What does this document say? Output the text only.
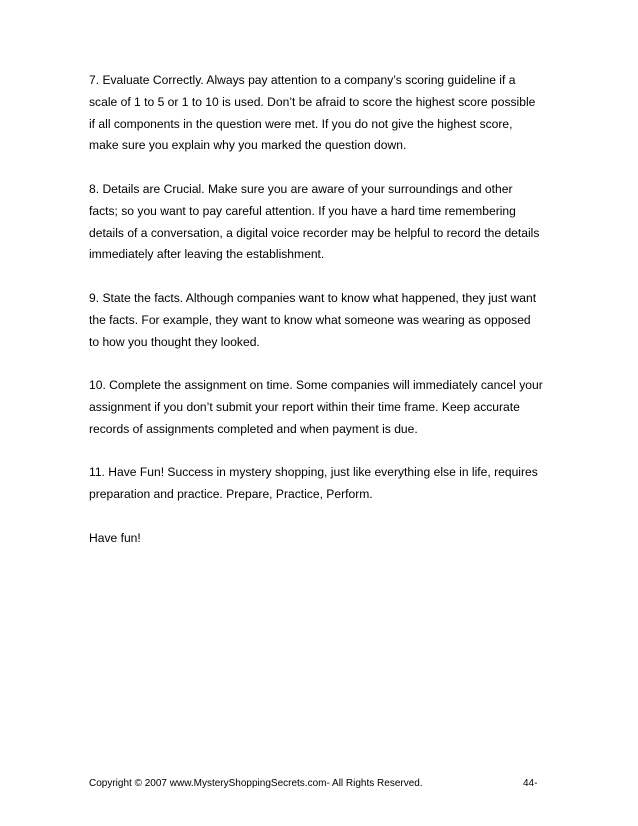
7. Evaluate Correctly. Always pay attention to a company’s scoring guideline if a
scale of 1 to 5 or 1 to 10 is used. Don’t be afraid to score the highest score possible
if all components in the question were met. If you do not give the highest score,
make sure you explain why you marked the question down.
8. Details are Crucial. Make sure you are aware of your surroundings and other
facts; so you want to pay careful attention. If you have a hard time remembering
details of a conversation, a digital voice recorder may be helpful to record the details
immediately after leaving the establishment.
9. State the facts. Although companies want to know what happened, they just want
the facts. For example, they want to know what someone was wearing as opposed
to how you thought they looked.
10. Complete the assignment on time. Some companies will immediately cancel your
assignment if you don’t submit your report within their time frame. Keep accurate
records of assignments completed and when payment is due.
11. Have Fun! Success in mystery shopping, just like everything else in life, requires
preparation and practice. Prepare, Practice, Perform.
Have fun!
Copyright © 2007 www.MysteryShoppingSecrets.com- All Rights Reserved.	44-
